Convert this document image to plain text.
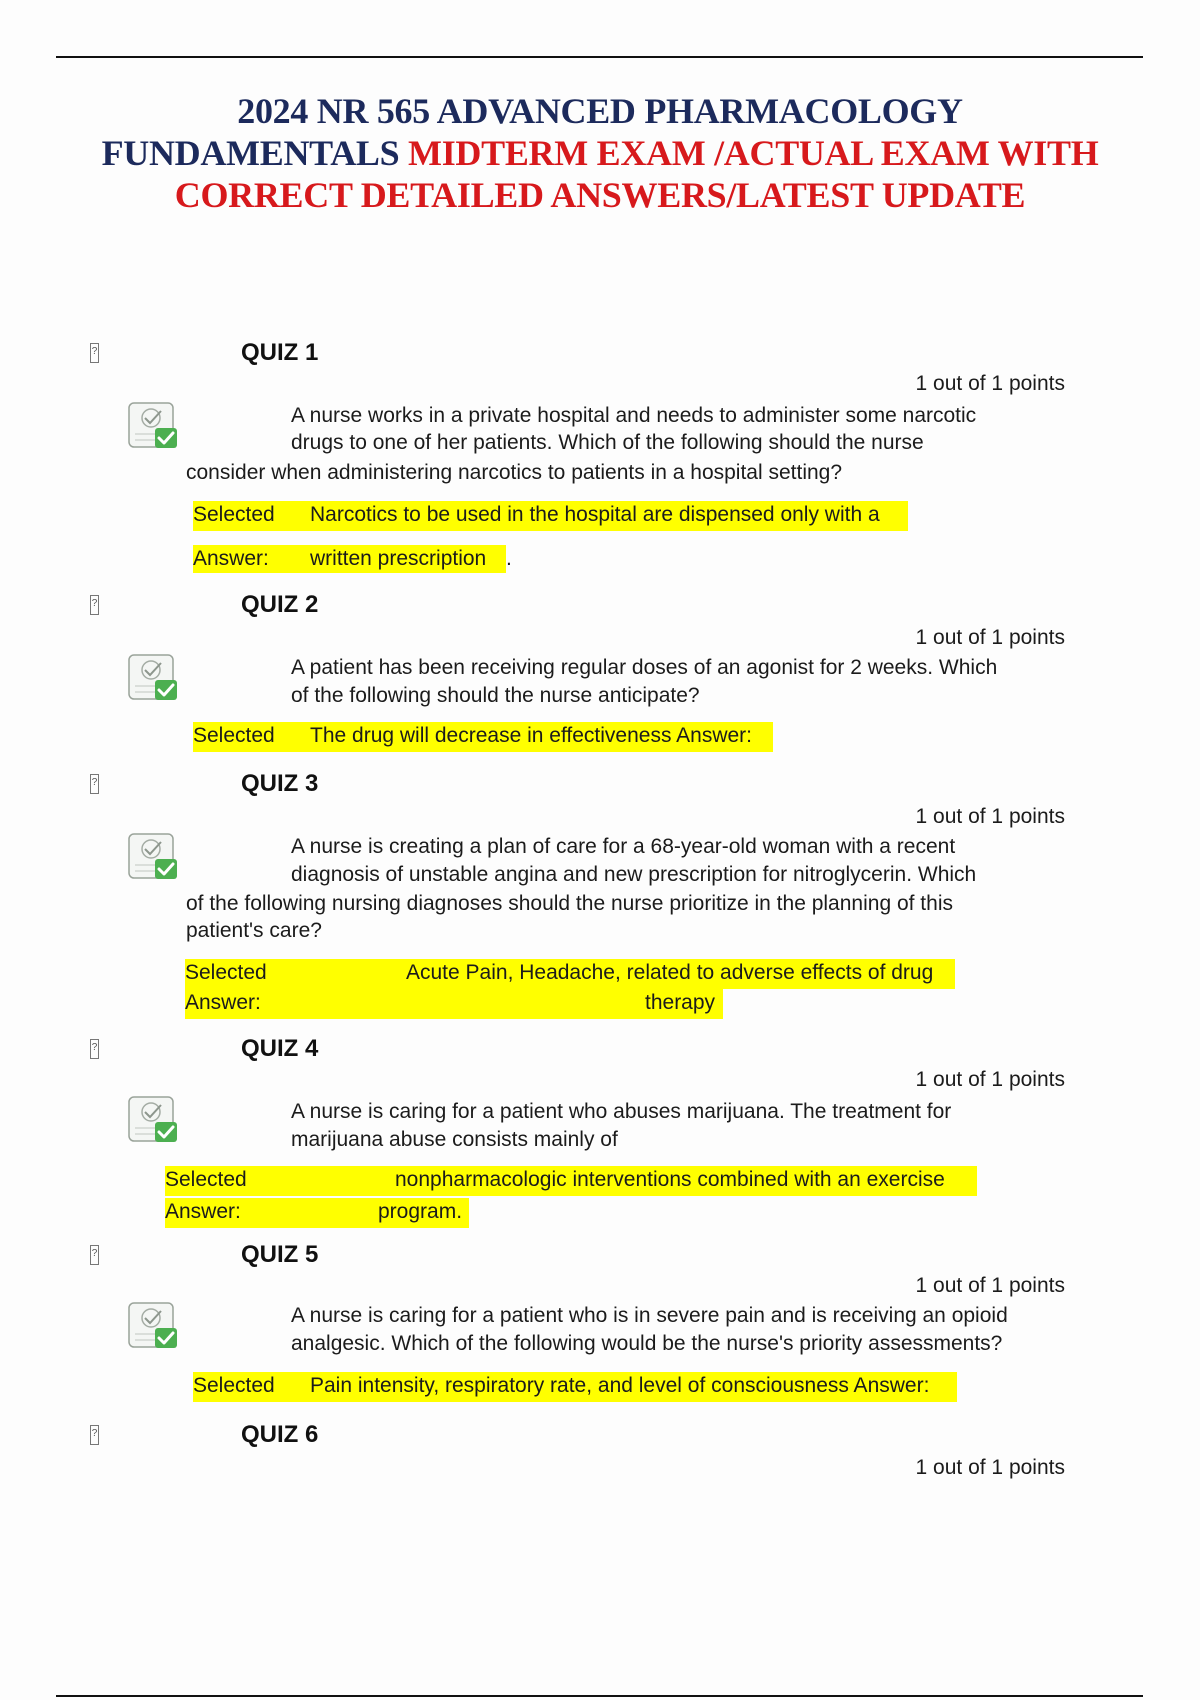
2024 NR 565 ADVANCED PHARMACOLOGY
FUNDAMENTALS MIDTERM EXAM /ACTUAL EXAM WITH
CORRECT DETAILED ANSWERS/LATEST UPDATE
?	QUIZ 1
1 out of 1 points
A nurse works in a private hospital and needs to administer some narcotic
drugs to one of her patients. Which of the following should the nurse
consider when administering narcotics to patients in a hospital setting?
Selected Narcotics to be used in the hospital are dispensed only with a
Answer: written prescription .
?	QUIZ 2
1 out of 1 points
A patient has been receiving regular doses of an agonist for 2 weeks. Which
of the following should the nurse anticipate?
Selected The drug will decrease in effectiveness Answer:
?	QUIZ 3
1 out of 1 points
A nurse is creating a plan of care for a 68-year-old woman with a recent
diagnosis of unstable angina and new prescription for nitroglycerin. Which
of the following nursing diagnoses should the nurse prioritize in the planning of this
patient's care?
Selected	Acute Pain, Headache, related to adverse effects of drug
Answer:	therapy
?	QUIZ 4
1 out of 1 points
A nurse is caring for a patient who abuses marijuana. The treatment for
marijuana abuse consists mainly of
Selected	nonpharmacologic interventions combined with an exercise
Answer:	program.
?	QUIZ 5
1 out of 1 points
A nurse is caring for a patient who is in severe pain and is receiving an opioid
analgesic. Which of the following would be the nurse's priority assessments?
Selected Pain intensity, respiratory rate, and level of consciousness Answer:
?	QUIZ 6
1 out of 1 points
